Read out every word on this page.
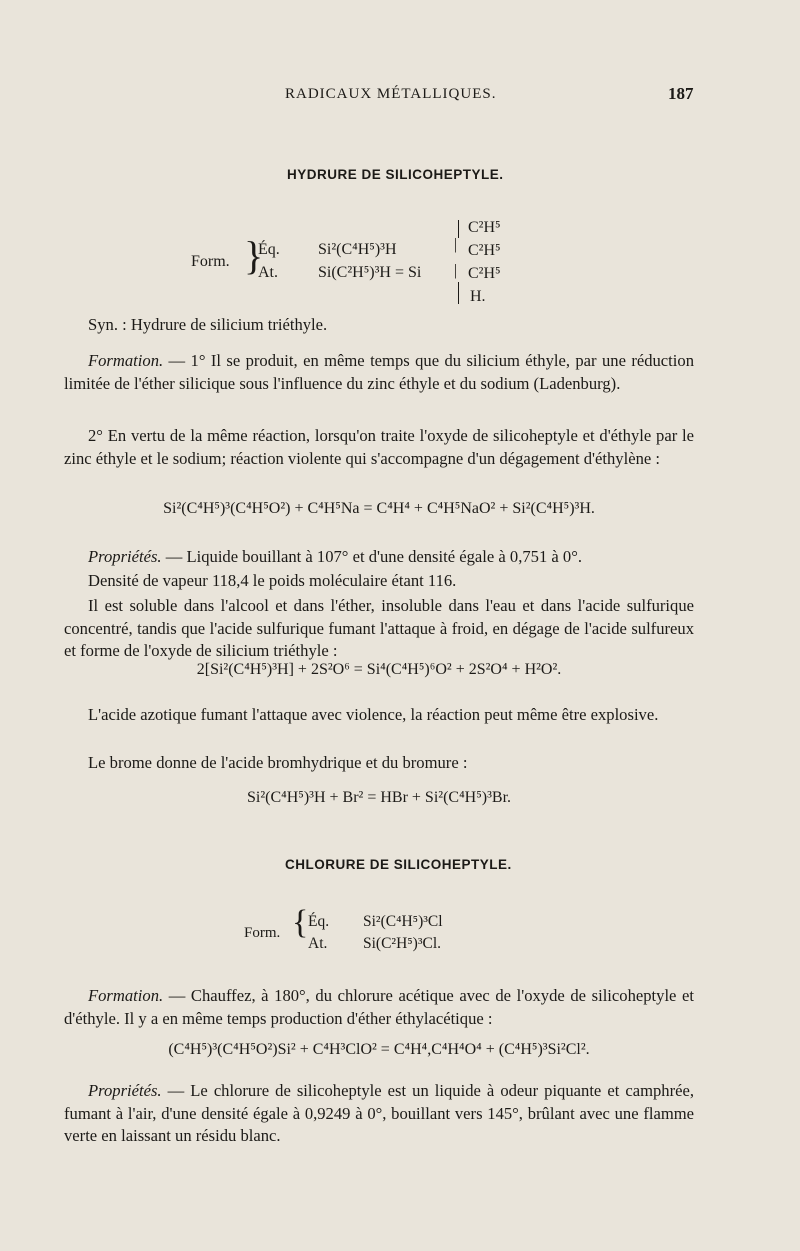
RADICAUX MÉTALLIQUES.	187
HYDRURE DE SILICOHEPTYLE.
Form. }
Éq. Si²(C⁴H⁵)³H
At.	Si(C²H⁵)³H = Si
|
|
C²H⁵
C²H⁵
C²H⁵
H.
Syn. : Hydrure de silicium triéthyle.
Formation. — 1° Il se produit, en même temps que du silicium éthyle, par une réduction limitée de l'éther silicique sous l'influence du zinc éthyle et du sodium (Ladenburg).
2° En vertu de la même réaction, lorsqu'on traite l'oxyde de silicoheptyle et d'éthyle par le zinc éthyle et le sodium; réaction violente qui s'accompagne d'un dégagement d'éthylène :
Si²(C⁴H⁵)³(C⁴H⁵O²) + C⁴H⁵Na = C⁴H⁴ + C⁴H⁵NaO² + Si²(C⁴H⁵)³H.
Propriétés. — Liquide bouillant à 107° et d'une densité égale à 0,751 à 0°.
Densité de vapeur 118,4 le poids moléculaire étant 116.
Il est soluble dans l'alcool et dans l'éther, insoluble dans l'eau et dans l'acide sulfurique concentré, tandis que l'acide sulfurique fumant l'attaque à froid, en dégage de l'acide sulfureux et forme de l'oxyde de silicium triéthyle :
2[Si²(C⁴H⁵)³H] + 2S²O⁶ = Si⁴(C⁴H⁵)⁶O² + 2S²O⁴ + H²O².
L'acide azotique fumant l'attaque avec violence, la réaction peut même être explosive.
Le brome donne de l'acide bromhydrique et du bromure :
Si²(C⁴H⁵)³H + Br² = HBr + Si²(C⁴H⁵)³Br.
CHLORURE DE SILICOHEPTYLE.
Form. { Éq. Si²(C⁴H⁵)³Cl
At. Si(C²H⁵)³Cl.
Formation. — Chauffez, à 180°, du chlorure acétique avec de l'oxyde de silicoheptyle et d'éthyle. Il y a en même temps production d'éther éthylacétique :
(C⁴H⁵)³(C⁴H⁵O²)Si² + C⁴H³ClO² = C⁴H⁴,C⁴H⁴O⁴ + (C⁴H⁵)³Si²Cl².
Propriétés. — Le chlorure de silicoheptyle est un liquide à odeur piquante et camphrée, fumant à l'air, d'une densité égale à 0,9249 à 0°, bouillant vers 145°, brûlant avec une flamme verte en laissant un résidu blanc.
